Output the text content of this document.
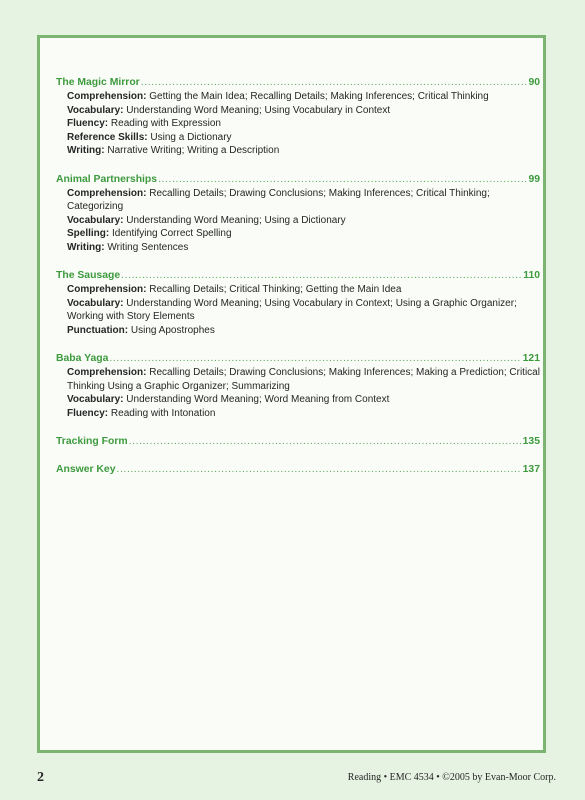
The Magic Mirror .....	90
Comprehension: Getting the Main Idea; Recalling Details; Making Inferences; Critical Thinking
Vocabulary: Understanding Word Meaning; Using Vocabulary in Context
Fluency: Reading with Expression
Reference Skills: Using a Dictionary
Writing: Narrative Writing; Writing a Description
Animal Partnerships .....	99
Comprehension: Recalling Details; Drawing Conclusions; Making Inferences; Critical Thinking; Categorizing
Vocabulary: Understanding Word Meaning; Using a Dictionary
Spelling: Identifying Correct Spelling
Writing: Writing Sentences
The Sausage .....	110
Comprehension: Recalling Details; Critical Thinking; Getting the Main Idea
Vocabulary: Understanding Word Meaning; Using Vocabulary in Context; Using a Graphic Organizer; Working with Story Elements
Punctuation: Using Apostrophes
Baba Yaga .....	121
Comprehension: Recalling Details; Drawing Conclusions; Making Inferences; Making a Prediction; Critical Thinking Using a Graphic Organizer; Summarizing
Vocabulary: Understanding Word Meaning; Word Meaning from Context
Fluency: Reading with Intonation
Tracking Form .....	135
Answer Key .....	137
2	Reading • EMC 4534 • ©2005 by Evan-Moor Corp.
